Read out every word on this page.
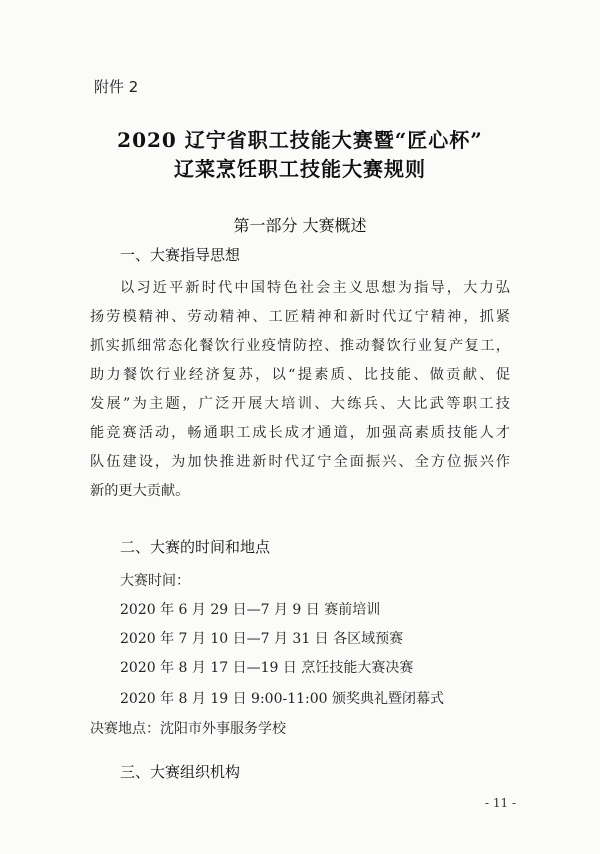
附件 2
2020 辽宁省职工技能大赛暨“匠心杯”
辽菜烹饪职工技能大赛规则
第一部分 大赛概述
一、大赛指导思想
以习近平新时代中国特色社会主义思想为指导，大力弘
扬劳模精神、劳动精神、工匠精神和新时代辽宁精神，抓紧
抓实抓细常态化餐饮行业疫情防控、推动餐饮行业复产复工，
助力餐饮行业经济复苏，以“提素质、比技能、做贡献、促
发展”为主题，广泛开展大培训、大练兵、大比武等职工技
能竞赛活动，畅通职工成长成才通道，加强高素质技能人才
队伍建设，为加快推进新时代辽宁全面振兴、全方位振兴作
新的更大贡献。
二、大赛的时间和地点
大赛时间：
2020 年 6 月 29 日—7 月 9 日 赛前培训
2020 年 7 月 10 日—7 月 31 日 各区域预赛
2020 年 8 月 17 日—19 日 烹饪技能大赛决赛
2020 年 8 月 19 日 9:00-11:00 颁奖典礼暨闭幕式
决赛地点：沈阳市外事服务学校
三、大赛组织机构
- 11 -
